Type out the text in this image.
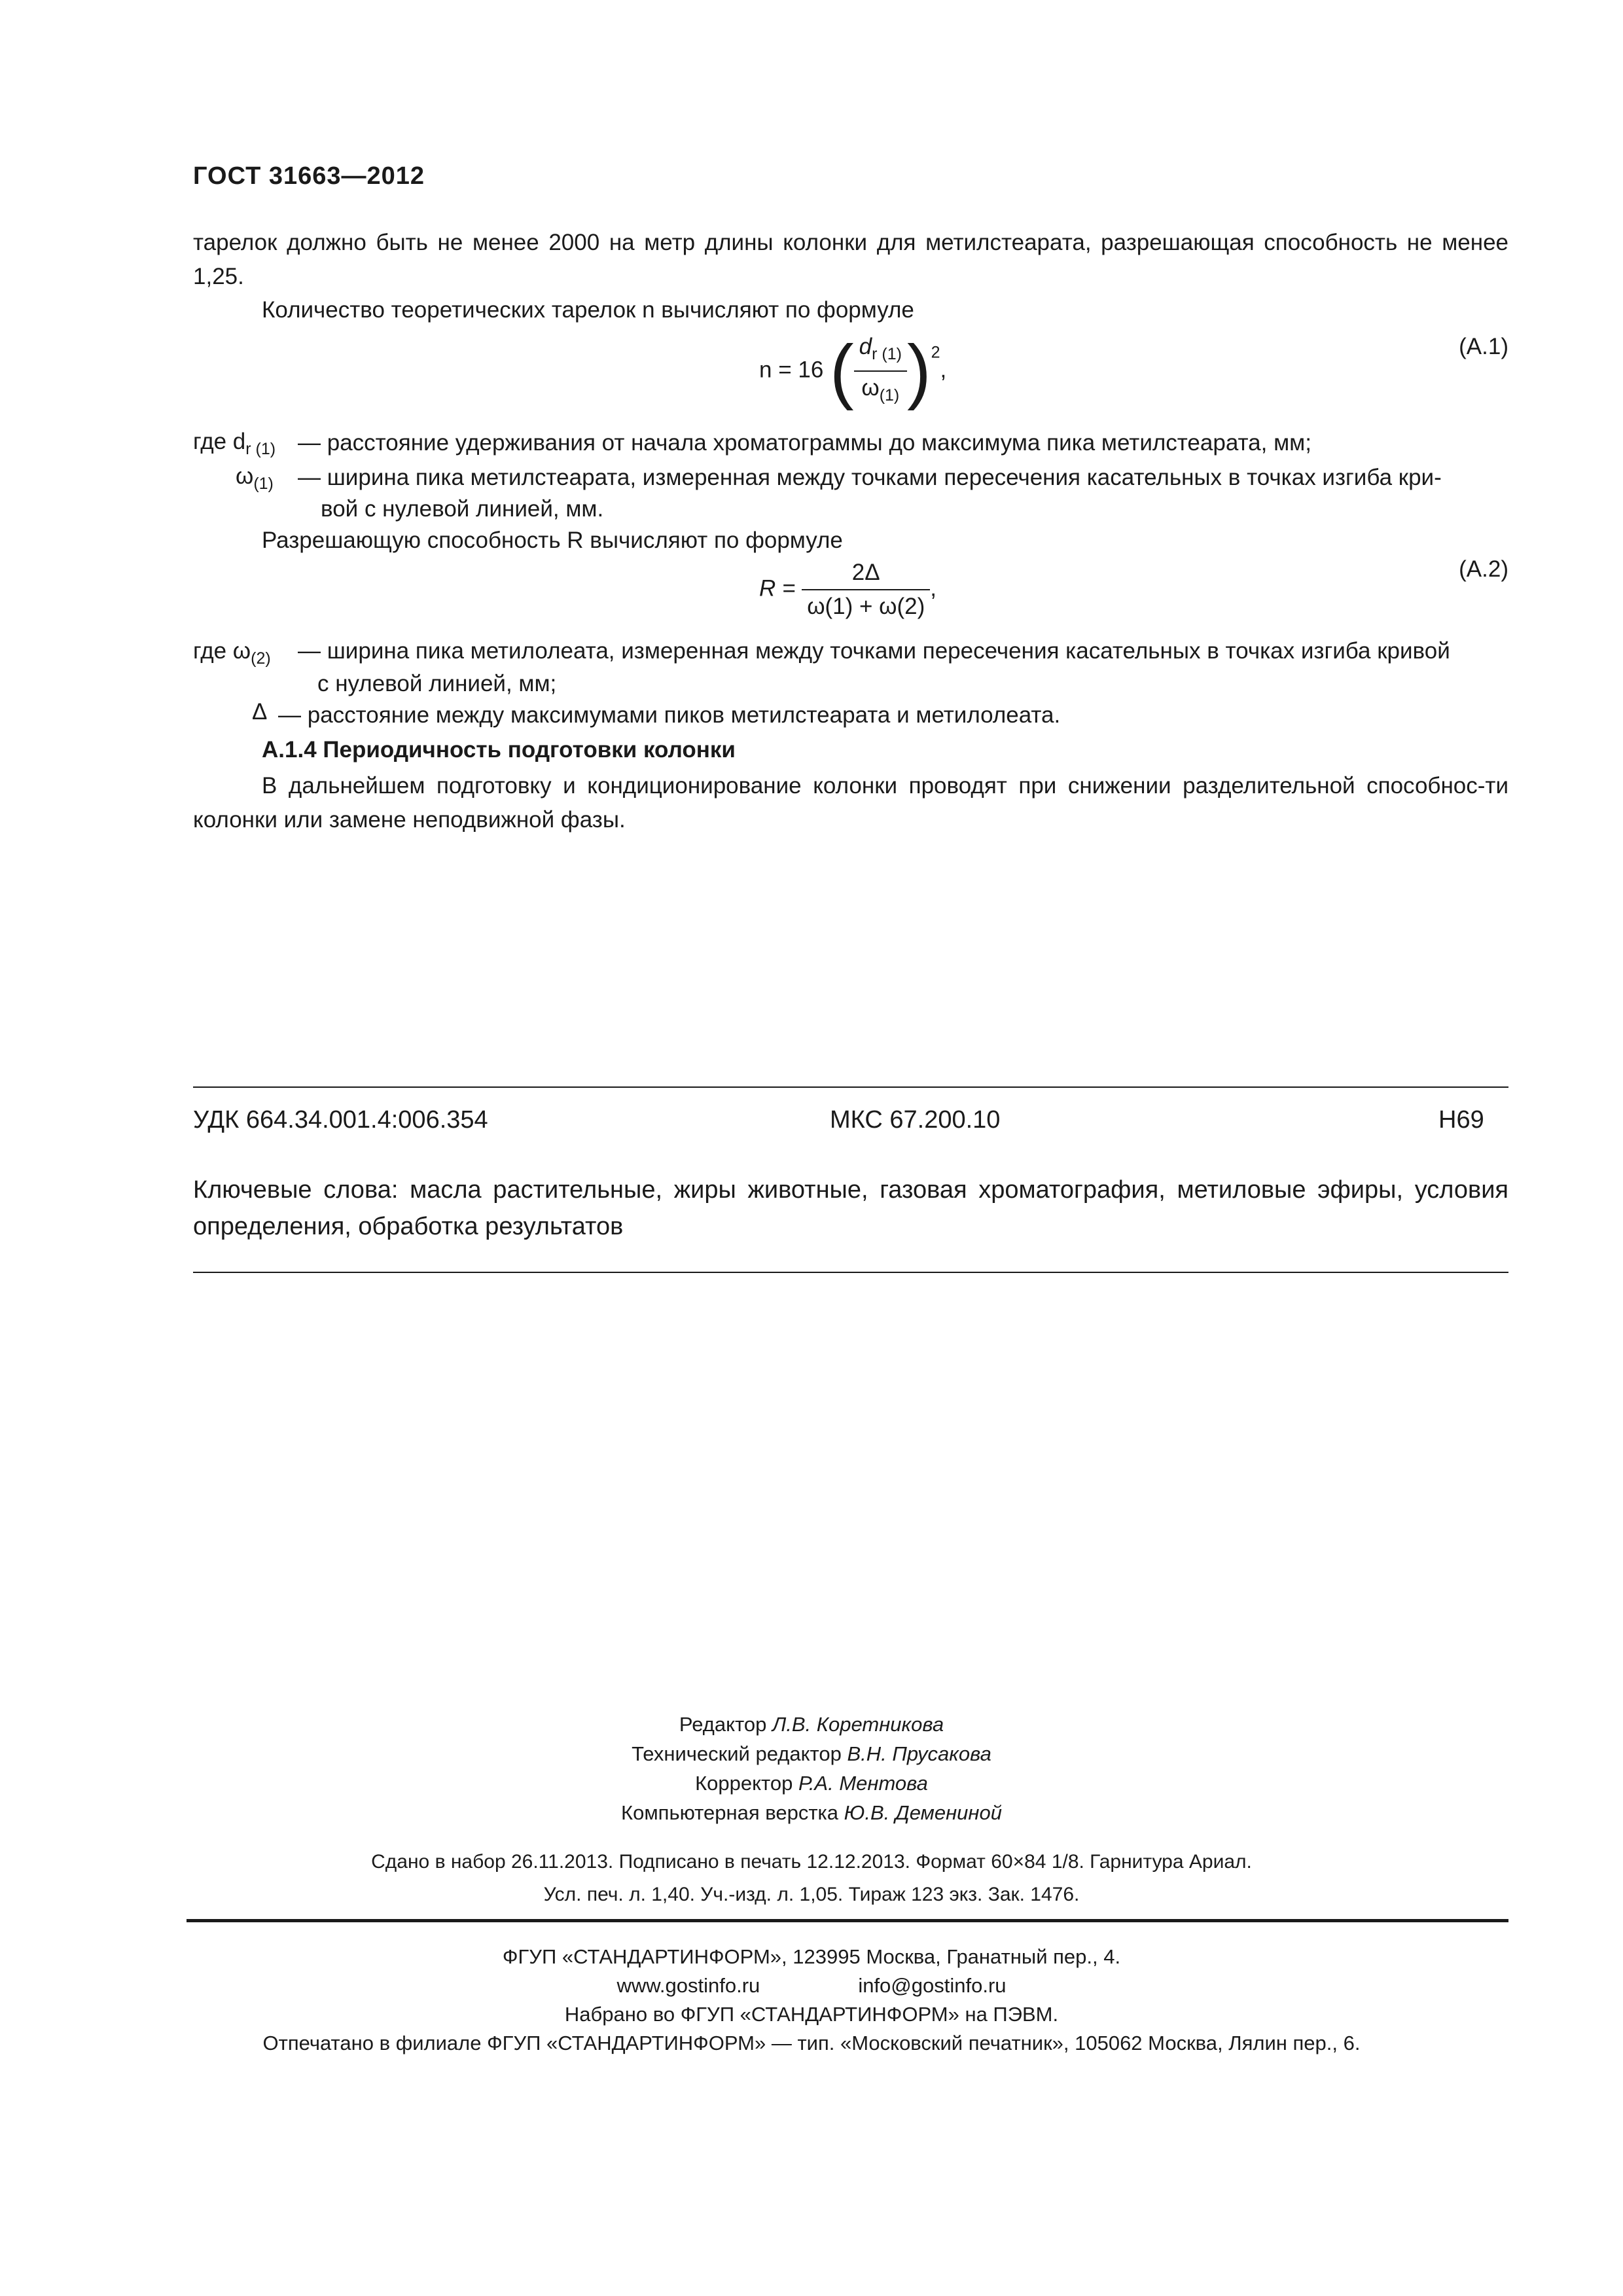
ГОСТ 31663—2012
тарелок должно быть не менее 2000 на метр длины колонки для метилстеарата, разрешающая способность не менее 1,25.
Количество теоретических тарелок n вычисляют по формуле
n = 16 ( $\frac{d_{r (1)}}{\omega_{(1)}} )^2$,
(А.1)
где $d_{r (1)}$ — расстояние удерживания от начала хроматограммы до максимума пика метилстеарата, мм;
$\omega_{(1)}$ — ширина пика метилстеарата, измеренная между точками пересечения касательных в точках изгиба кри-
вой с нулевой линией, мм.
Разрешающую способность R вычисляют по формуле
$R = \frac{2\Delta}{\omega(1) + \omega(2)}$ ,
(А.2)
где $\omega_{(2)}$ — ширина пика метилолеата, измеренная между точками пересечения касательных в точках изгиба кривой
с нулевой линией, мм;
Δ — расстояние между максимумами пиков метилстеарата и метилолеата.
А.1.4 Периодичность подготовки колонки
В дальнейшем подготовку и кондиционирование колонки проводят при снижении разделительной способнос-ти колонки или замене неподвижной фазы.
УДК 664.34.001.4:006.354	МКС 67.200.10	Н69
Ключевые слова: масла растительные, жиры животные, газовая хроматография, метиловые эфиры, условия определения, обработка результатов
Редактор Л.В. Коретникова
Технический редактор В.Н. Прусакова
Корректор Р.А. Ментова
Компьютерная верстка Ю.В. Демениной
Сдано в набор 26.11.2013. Подписано в печать 12.12.2013. Формат 60×84 1/8. Гарнитура Ариал.
Усл. печ. л. 1,40. Уч.-изд. л. 1,05. Тираж 123 экз. Зак. 1476.
ФГУП «СТАНДАРТИНФОРМ», 123995 Москва, Гранатный пер., 4.
www.gostinfo.ru	info@gostinfo.ru
Набрано во ФГУП «СТАНДАРТИНФОРМ» на ПЭВМ.
Отпечатано в филиале ФГУП «СТАНДАРТИНФОРМ» — тип. «Московский печатник», 105062 Москва, Лялин пер., 6.
